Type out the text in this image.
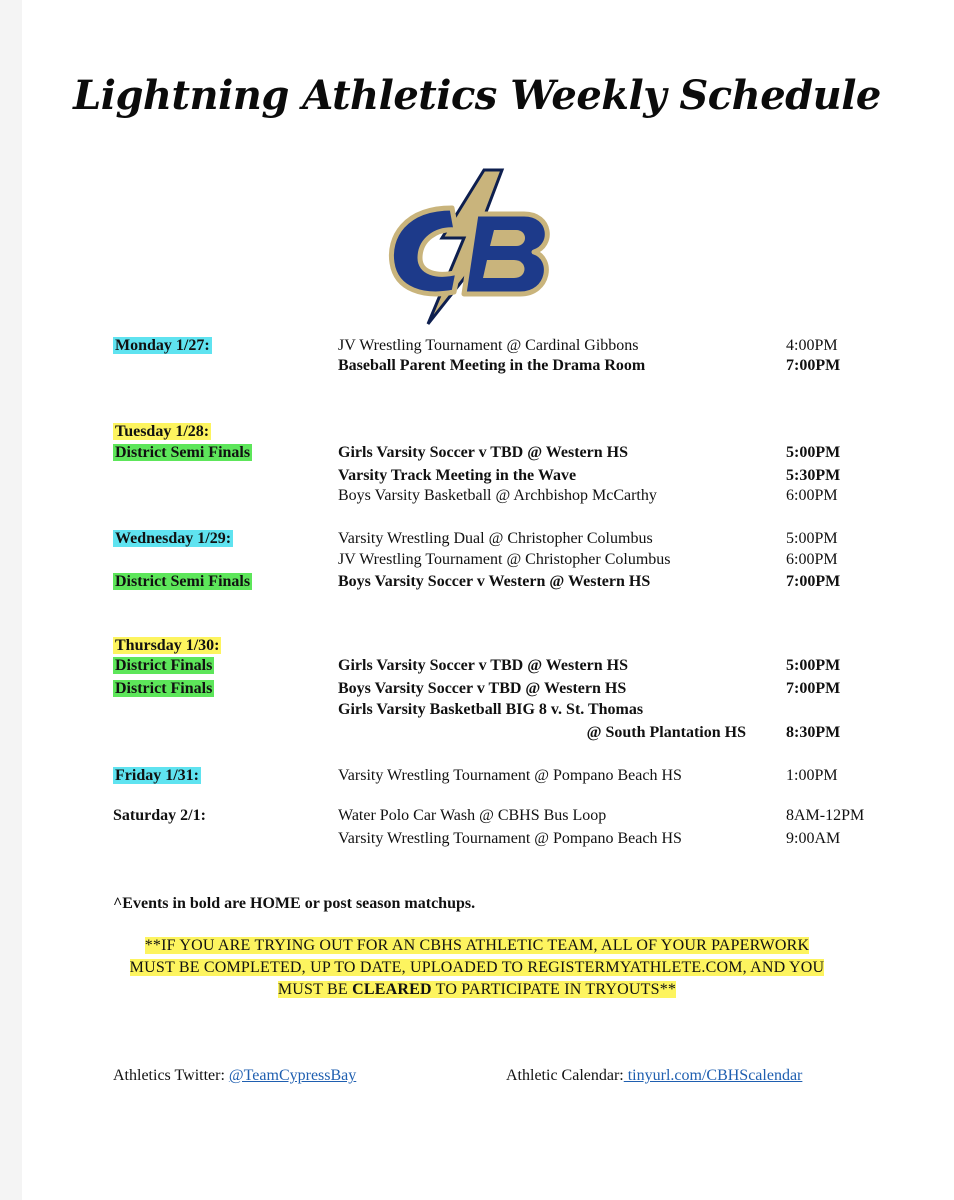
Lightning Athletics Weekly Schedule
Monday 1/27:	JV Wrestling Tournament @ Cardinal Gibbons	4:00PM
Baseball Parent Meeting in the Drama Room	7:00PM
Tuesday 1/28:
District Semi Finals	Girls Varsity Soccer v TBD @ Western HS	5:00PM
Varsity Track Meeting in the Wave	5:30PM
Boys Varsity Basketball @ Archbishop McCarthy	6:00PM
Wednesday 1/29:	Varsity Wrestling Dual @ Christopher Columbus	5:00PM
JV Wrestling Tournament @ Christopher Columbus	6:00PM
District Semi Finals	Boys Varsity Soccer v Western @ Western HS	7:00PM
Thursday 1/30:
District Finals	Girls Varsity Soccer v TBD @ Western HS	5:00PM
District Finals	Boys Varsity Soccer v TBD @ Western HS	7:00PM
Girls Varsity Basketball BIG 8 v. St. Thomas
@ South Plantation HS	8:30PM
Friday 1/31:	Varsity Wrestling Tournament @ Pompano Beach HS	1:00PM
Saturday 2/1:	Water Polo Car Wash @ CBHS Bus Loop	8AM-12PM
Varsity Wrestling Tournament @ Pompano Beach HS	9:00AM
^Events in bold are HOME or post season matchups.
**IF YOU ARE TRYING OUT FOR AN CBHS ATHLETIC TEAM, ALL OF YOUR PAPERWORK
MUST BE COMPLETED, UP TO DATE, UPLOADED TO REGISTERMYATHLETE.COM, AND YOU
MUST BE CLEARED TO PARTICIPATE IN TRYOUTS**
Athletics Twitter: @TeamCypressBay	Athletic Calendar: tinyurl.com/CBHScalendar
